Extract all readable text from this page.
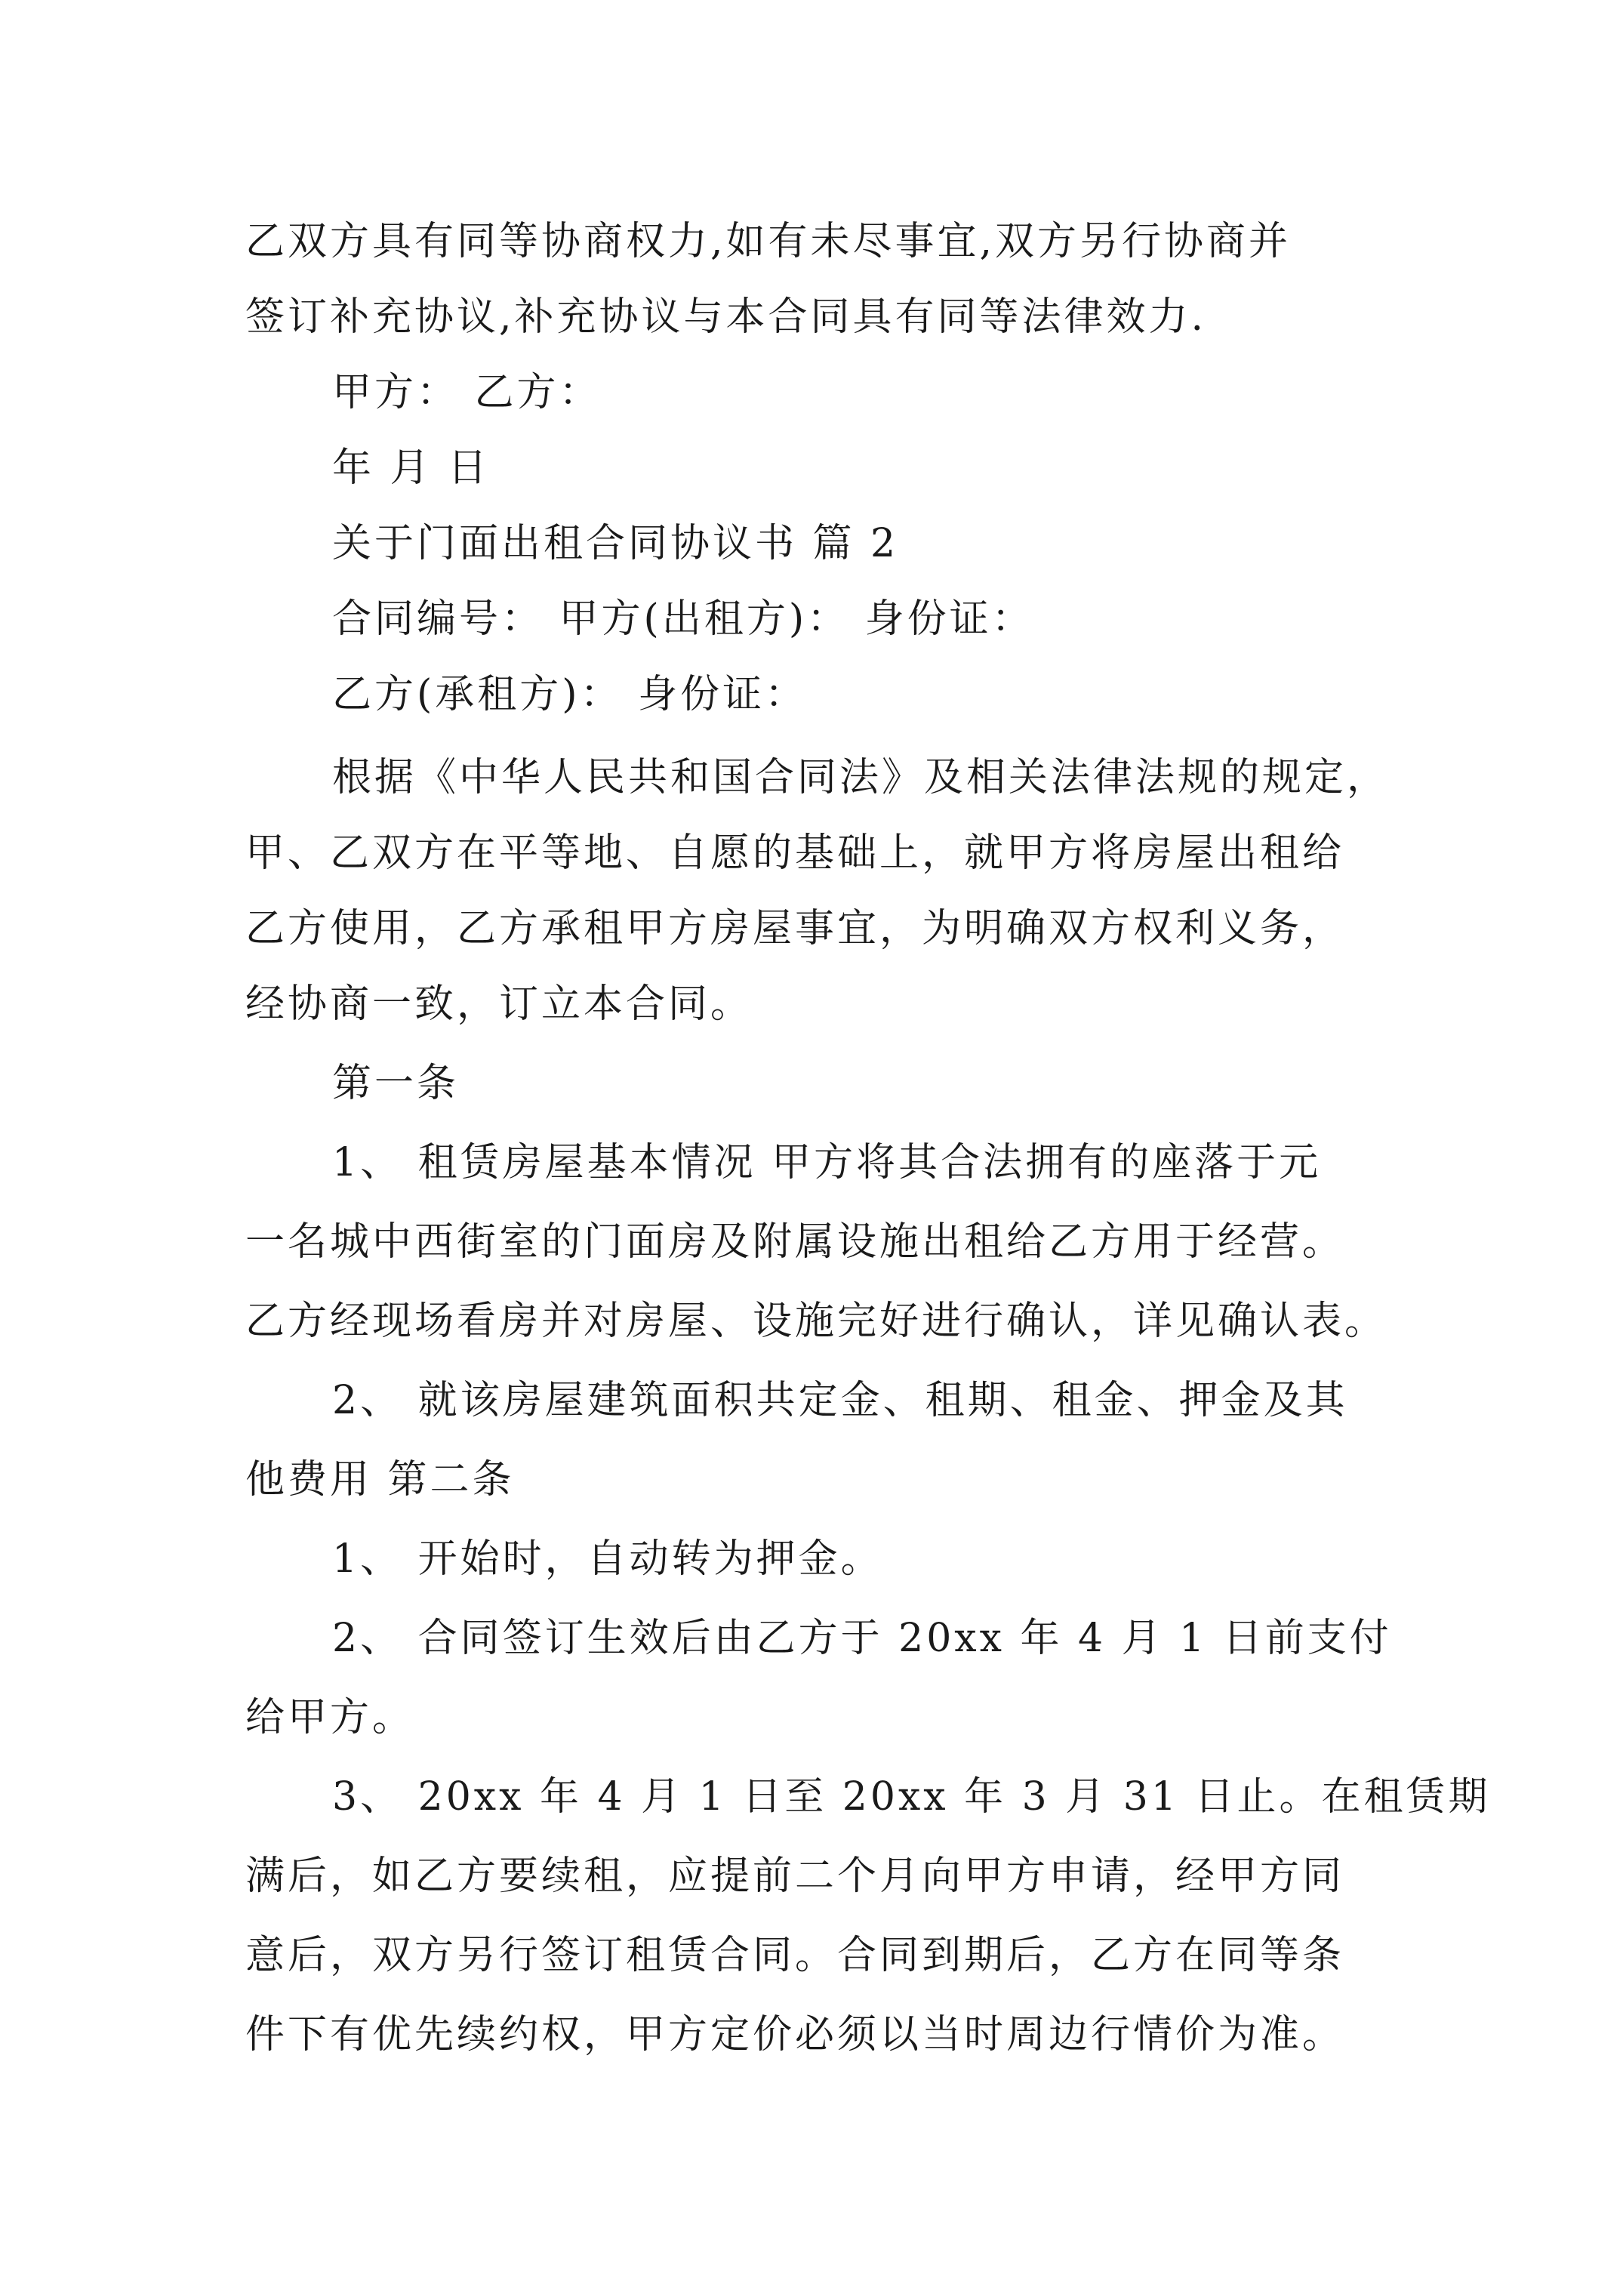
乙双方具有同等协商权力,如有未尽事宜,双方另行协商并
签订补充协议,补充协议与本合同具有同等法律效力.
甲方： 乙方：
年 月 日
关于门面出租合同协议书 篇 2
合同编号： 甲方(出租方)： 身份证：
乙方(承租方)： 身份证：
根据《中华人民共和国合同法》及相关法律法规的规定，
甲、乙双方在平等地、自愿的基础上，就甲方将房屋出租给
乙方使用，乙方承租甲方房屋事宜，为明确双方权利义务，
经协商一致，订立本合同。
第一条
1、 租赁房屋基本情况 甲方将其合法拥有的座落于元
一名城中西街室的门面房及附属设施出租给乙方用于经营。
乙方经现场看房并对房屋、设施完好进行确认，详见确认表。
2、 就该房屋建筑面积共定金、租期、租金、押金及其
他费用 第二条
1、 开始时，自动转为押金。
2、 合同签订生效后由乙方于 20xx 年 4 月 1 日前支付
给甲方。
3、 20xx 年 4 月 1 日至 20xx 年 3 月 31 日止。在租赁期
满后，如乙方要续租，应提前二个月向甲方申请，经甲方同
意后，双方另行签订租赁合同。合同到期后，乙方在同等条
件下有优先续约权，甲方定价必须以当时周边行情价为准。
